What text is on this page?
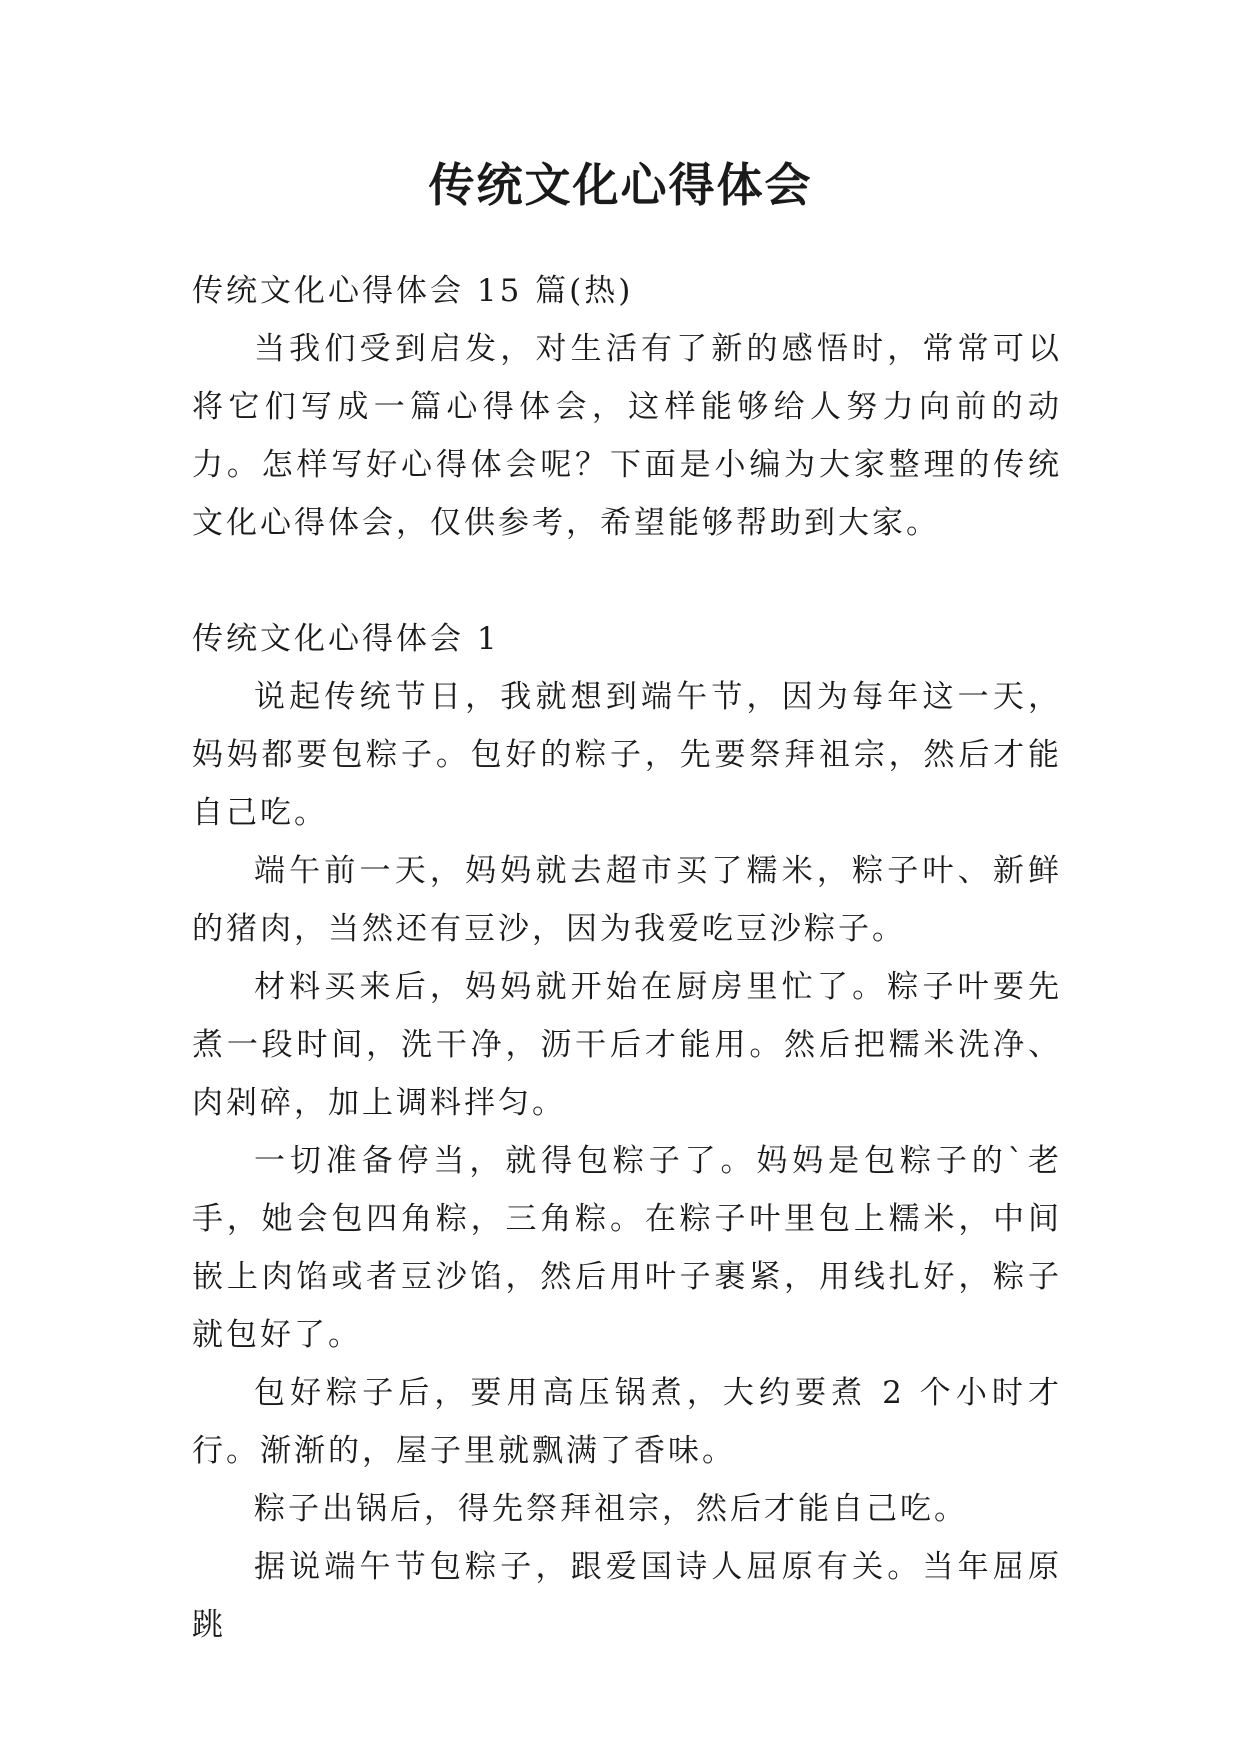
传统文化心得体会

传统文化心得体会 15 篇(热)

当我们受到启发，对生活有了新的感悟时，常常可以将它们写成一篇心得体会，这样能够给人努力向前的动力。怎样写好心得体会呢？下面是小编为大家整理的传统文化心得体会，仅供参考，希望能够帮助到大家。

传统文化心得体会 1

说起传统节日，我就想到端午节，因为每年这一天，妈妈都要包粽子。包好的粽子，先要祭拜祖宗，然后才能自己吃。

端午前一天，妈妈就去超市买了糯米，粽子叶、新鲜的猪肉，当然还有豆沙，因为我爱吃豆沙粽子。

材料买来后，妈妈就开始在厨房里忙了。粽子叶要先煮一段时间，洗干净，沥干后才能用。然后把糯米洗净、肉剁碎，加上调料拌匀。

一切准备停当，就得包粽子了。妈妈是包粽子的`老手，她会包四角粽，三角粽。在粽子叶里包上糯米，中间嵌上肉馅或者豆沙馅，然后用叶子裹紧，用线扎好，粽子就包好了。

包好粽子后，要用高压锅煮，大约要煮 2 个小时才行。渐渐的，屋子里就飘满了香味。

粽子出锅后，得先祭拜祖宗，然后才能自己吃。

据说端午节包粽子，跟爱国诗人屈原有关。当年屈原跳
